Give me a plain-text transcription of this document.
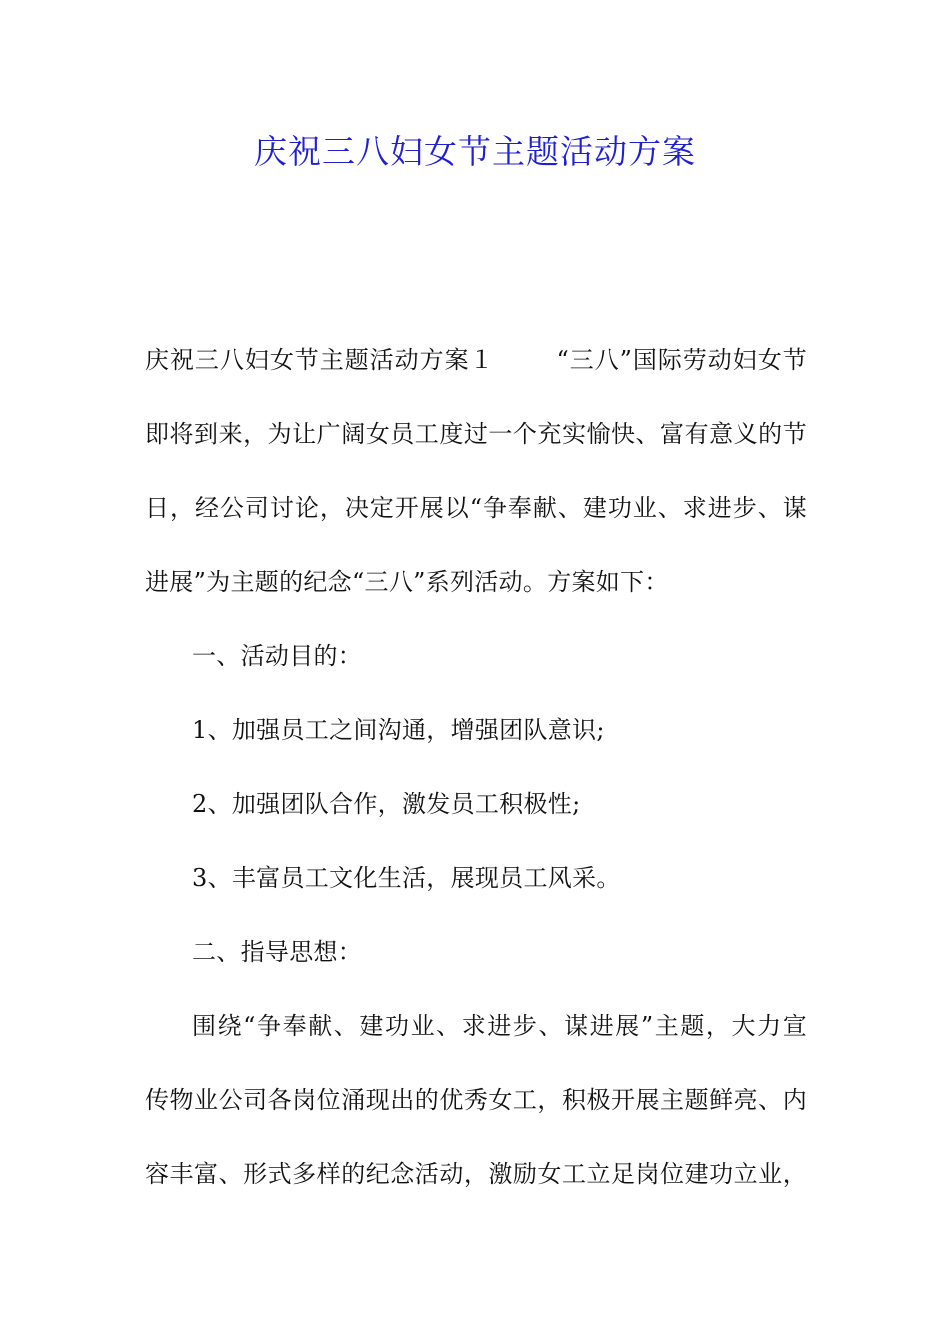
庆祝三八妇女节主题活动方案
庆祝三八妇女节主题活动方案１	“三八”国际劳动妇女节
即将到来，为让广阔女员工度过一个充实愉快、富有意义的节
日，经公司讨论，决定开展以“争奉献、建功业、求进步、谋
进展”为主题的纪念“三八”系列活动。方案如下：
一、活动目的：
1、加强员工之间沟通，增强团队意识;
2、加强团队合作，激发员工积极性;
3、丰富员工文化生活，展现员工风采。
二、指导思想：
围绕“争奉献、建功业、求进步、谋进展”主题，大力宣
传物业公司各岗位涌现出的优秀女工，积极开展主题鲜亮、内
容丰富、形式多样的纪念活动，激励女工立足岗位建功立业，
